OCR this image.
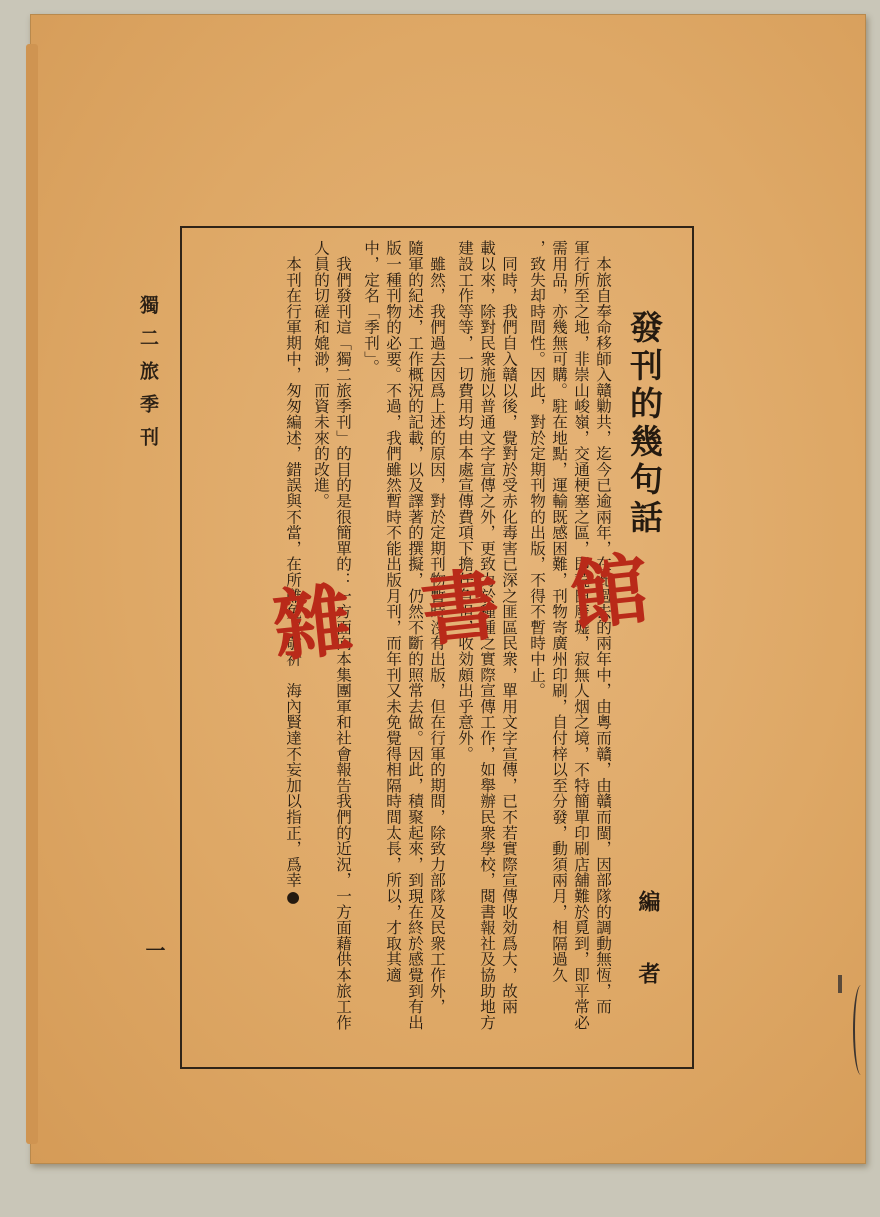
獨二旅季刊
一
發刊的幾句話
編　者
　本旅自奉命移師入贛勦共，迄今已逾兩年，在此過去的兩年中，由粵而贛，由贛而閩，因部隊的調動無恆，而
軍行所至之地，非崇山峻嶺，交通梗塞之區，即荒田廢墟，寂無人烟之境，不特簡單印刷店舖難於覓到，即平常必
需用品，亦幾無可購。駐在地點，運輸既感困難，刊物寄廣州印刷，自付梓以至分發，動須兩月，相隔過久
，致失却時間性。因此，對於定期刊物的出版，不得不暫時中止。
　同時，我們自入贛以後，覺對於受赤化毒害已深之匪區民衆，單用文字宣傳，已不若實際宣傳收効爲大，故兩
載以來，除對民衆施以普通文字宣傳之外，更致力於種種之實際宣傳工作，如舉辦民衆學校，閱書報社及協助地方
建設工作等等，一切費用均由本處宣傳費項下擔任負担，收効頗出乎意外。
　雖然，我們過去因爲上述的原因，對於定期刊物暫時沒有出版，但在行軍的期間，除致力部隊及民衆工作外，
隨軍的紀述，工作概況的記載，以及譯著的撰擬，仍然不斷的照常去做。因此，積聚起來，到現在終於感覺到有出
版一種刊物的必要。不過，我們雖然暫時不能出版月刊，而年刊又未免覺得相隔時間太長，所以，才取其適
中，定名「季刊」。
　我們發刊這「獨二旅季刊」的目的是很簡單的：一方面向本集團軍和社會報告我們的近況，一方面藉供本旅工作
人員的切磋和媲渺，而資未來的改進。
　本刊在行軍期中，匆匆編述，錯誤與不當，在所難免，敬祈　海內賢達不妄加以指正，爲幸●
雜 書 館
